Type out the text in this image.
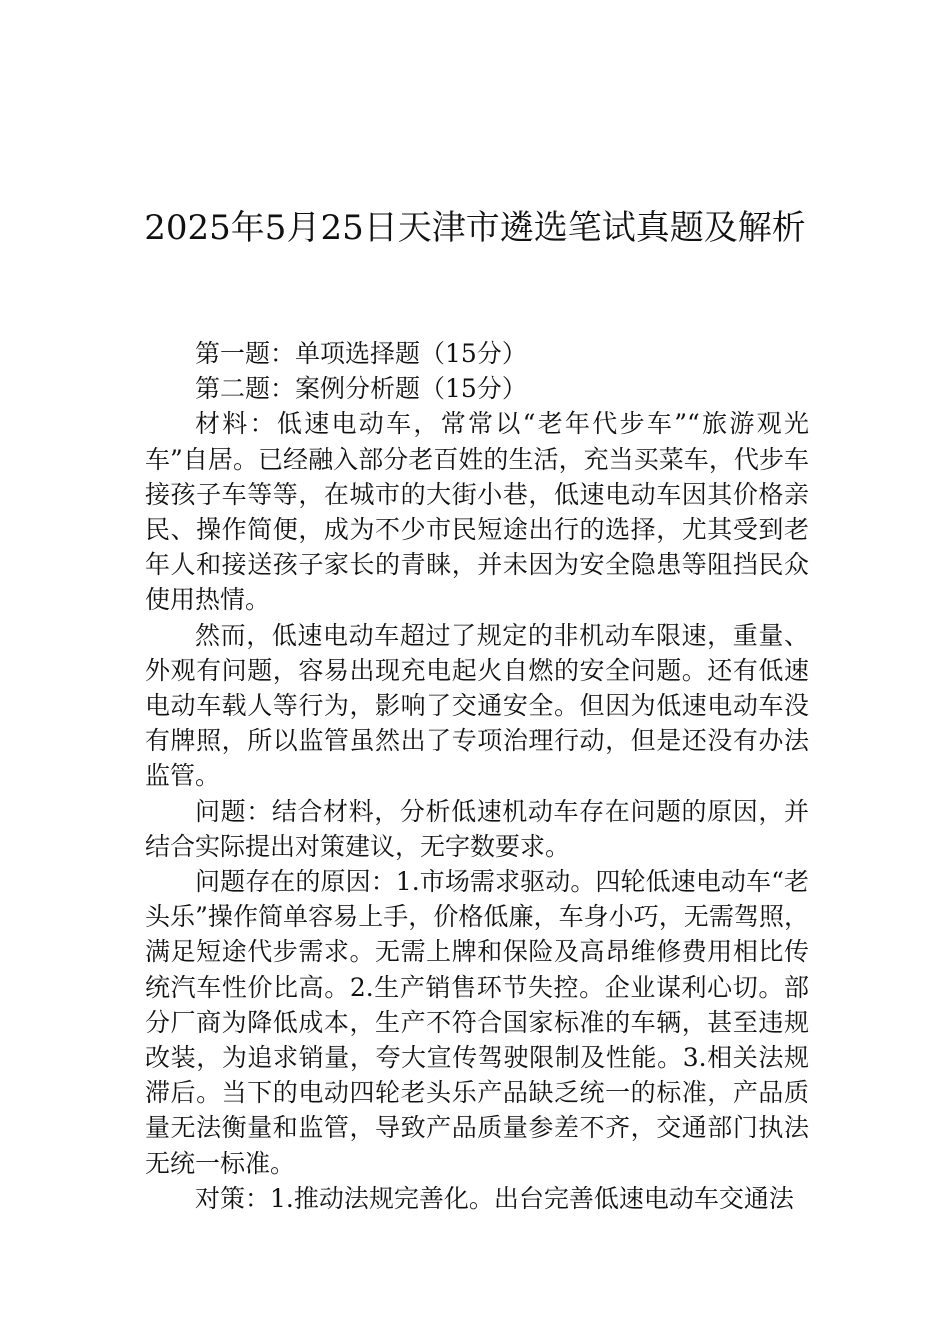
2025年5月25日天津市遴选笔试真题及解析

第一题：单项选择题（15分）

第二题：案例分析题（15分）

材料：低速电动车，常常以“老年代步车”“旅游观光车”自居。已经融入部分老百姓的生活，充当买菜车，代步车接孩子车等等，在城市的大街小巷，低速电动车因其价格亲民、操作简便，成为不少市民短途出行的选择，尤其受到老年人和接送孩子家长的青睐，并未因为安全隐患等阻挡民众使用热情。

然而，低速电动车超过了规定的非机动车限速，重量、外观有问题，容易出现充电起火自燃的安全问题。还有低速电动车载人等行为，影响了交通安全。但因为低速电动车没有牌照，所以监管虽然出了专项治理行动，但是还没有办法监管。

问题：结合材料，分析低速机动车存在问题的原因，并结合实际提出对策建议，无字数要求。

问题存在的原因：1.市场需求驱动。四轮低速电动车“老头乐”操作简单容易上手，价格低廉，车身小巧，无需驾照，满足短途代步需求。无需上牌和保险及高昂维修费用相比传统汽车性价比高。2.生产销售环节失控。企业谋利心切。部分厂商为降低成本，生产不符合国家标准的车辆，甚至违规改装，为追求销量，夸大宣传驾驶限制及性能。3.相关法规滞后。当下的电动四轮老头乐产品缺乏统一的标准，产品质量无法衡量和监管，导致产品质量参差不齐，交通部门执法无统一标准。

对策：1.推动法规完善化。出台完善低速电动车交通法
